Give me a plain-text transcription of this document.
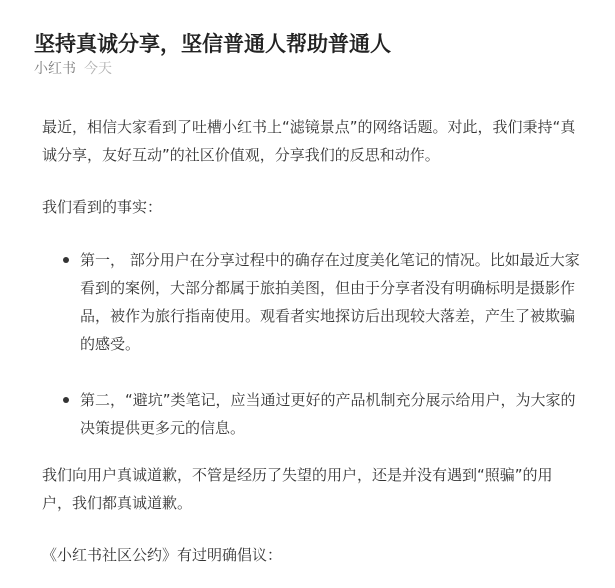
坚持真诚分享，坚信普通人帮助普通人
小红书 今天

最近，相信大家看到了吐槽小红书上“滤镜景点”的网络话题。对此，我们秉持“真诚分享，友好互动”的社区价值观，分享我们的反思和动作。

我们看到的事实：

第一， 部分用户在分享过程中的确存在过度美化笔记的情况。比如最近大家看到的案例，大部分都属于旅拍美图，但由于分享者没有明确标明是摄影作品，被作为旅行指南使用。观看者实地探访后出现较大落差，产生了被欺骗的感受。
第二，“避坑”类笔记，应当通过更好的产品机制充分展示给用户，为大家的决策提供更多元的信息。

我们向用户真诚道歉，不管是经历了失望的用户，还是并没有遇到“照骗”的用户，我们都真诚道歉。

《小红书社区公约》有过明确倡议：
